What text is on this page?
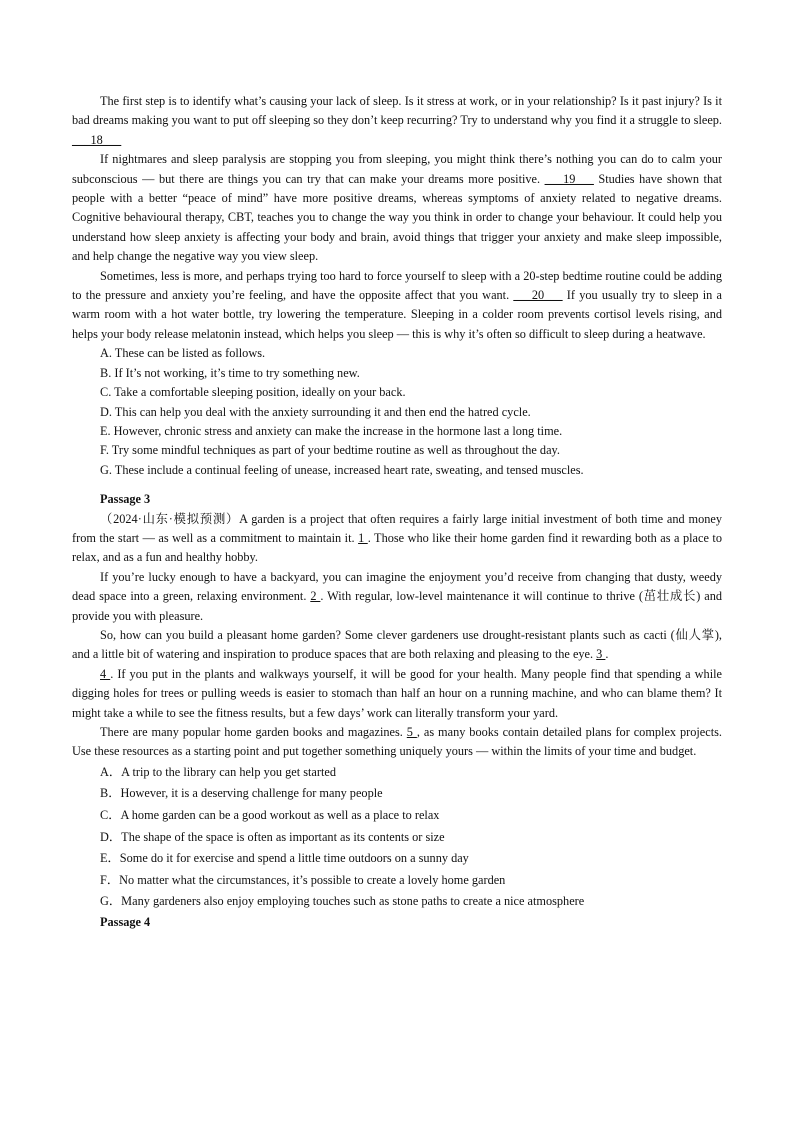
The first step is to identify what’s causing your lack of sleep. Is it stress at work, or in your relationship? Is it past injury? Is it bad dreams making you want to put off sleeping so they don’t keep recurring? Try to understand why you find it a struggle to sleep. ___18___

If nightmares and sleep paralysis are stopping you from sleeping, you might think there’s nothing you can do to calm your subconscious — but there are things you can try that can make your dreams more positive. ___19___ Studies have shown that people with a better “peace of mind” have more positive dreams, whereas symptoms of anxiety related to negative dreams. Cognitive behavioural therapy, CBT, teaches you to change the way you think in order to change your behaviour. It could help you understand how sleep anxiety is affecting your body and brain, avoid things that trigger your anxiety and make sleep impossible, and help change the negative way you view sleep.

Sometimes, less is more, and perhaps trying too hard to force yourself to sleep with a 20-step bedtime routine could be adding to the pressure and anxiety you’re feeling, and have the opposite affect that you want. ___20___ If you usually try to sleep in a warm room with a hot water bottle, try lowering the temperature. Sleeping in a colder room prevents cortisol levels rising, and helps your body release melatonin instead, which helps you sleep — this is why it’s often so difficult to sleep during a heatwave.

A. These can be listed as follows.
B. If It’s not working, it’s time to try something new.
C. Take a comfortable sleeping position, ideally on your back.
D. This can help you deal with the anxiety surrounding it and then end the hatred cycle.
E. However, chronic stress and anxiety can make the increase in the hormone last a long time.
F. Try some mindful techniques as part of your bedtime routine as well as throughout the day.
G. These include a continual feeling of unease, increased heart rate, sweating, and tensed muscles.

Passage 3

（2024·山东·模拟预测）A garden is a project that often requires a fairly large initial investment of both time and money from the start — as well as a commitment to maintain it. 1 . Those who like their home garden find it rewarding both as a place to relax, and as a fun and healthy hobby.

If you’re lucky enough to have a backyard, you can imagine the enjoyment you’d receive from changing that dusty, weedy dead space into a green, relaxing environment. 2 . With regular, low-level maintenance it will continue to thrive (茁壮成长) and provide you with pleasure.

So, how can you build a pleasant home garden? Some clever gardeners use drought-resistant plants such as cacti (仙人掌), and a little bit of watering and inspiration to produce spaces that are both relaxing and pleasing to the eye. 3 .

4 . If you put in the plants and walkways yourself, it will be good for your health. Many people find that spending a while digging holes for trees or pulling weeds is easier to stomach than half an hour on a running machine, and who can blame them? It might take a while to see the fitness results, but a few days’ work can literally transform your yard.

There are many popular home garden books and magazines. 5 , as many books contain detailed plans for complex projects. Use these resources as a starting point and put together something uniquely yours — within the limits of your time and budget.

A．A trip to the library can help you get started
B．However, it is a deserving challenge for many people
C．A home garden can be a good workout as well as a place to relax
D．The shape of the space is often as important as its contents or size
E．Some do it for exercise and spend a little time outdoors on a sunny day
F．No matter what the circumstances, it’s possible to create a lovely home garden
G．Many gardeners also enjoy employing touches such as stone paths to create a nice atmosphere

Passage 4
